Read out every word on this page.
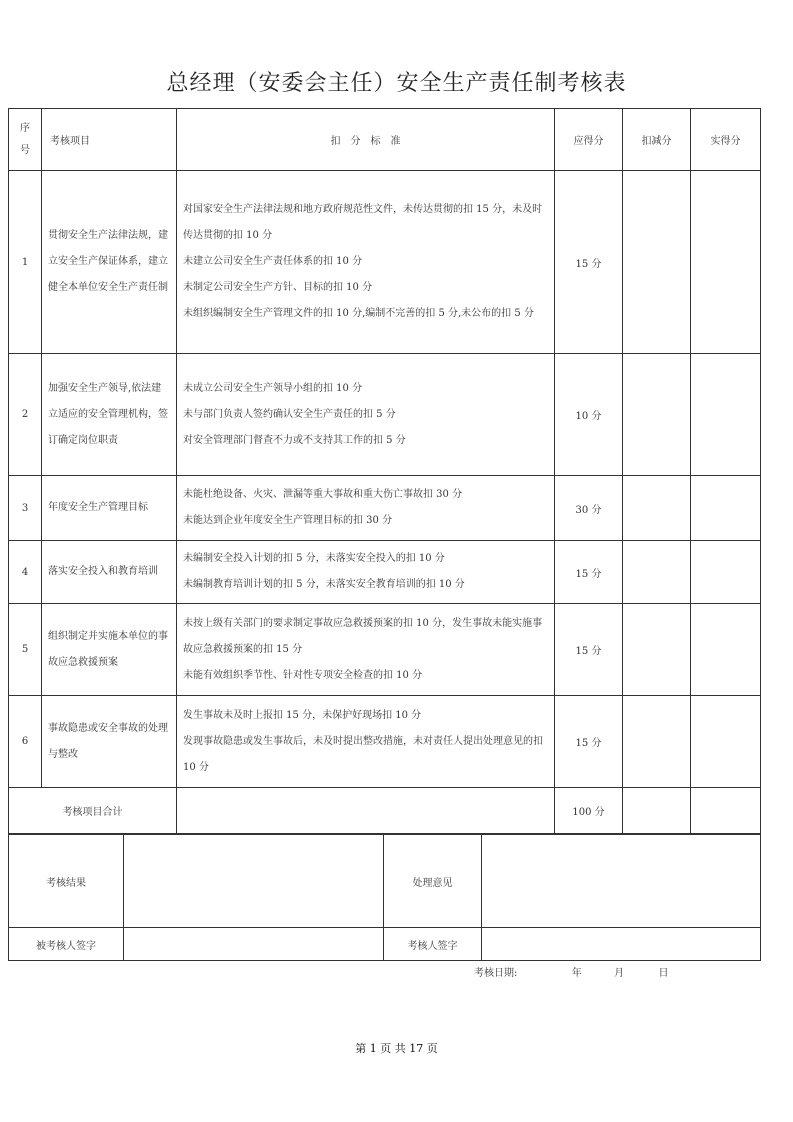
总经理（安委会主任）安全生产责任制考核表
序号	考核项目	扣　分　标　准	应得分	扣减分	实得分
1	贯彻安全生产法律法规，建立安全生产保证体系，建立健全本单位安全生产责任制	对国家安全生产法律法规和地方政府规范性文件，未传达贯彻的扣 15 分，未及时传达贯彻的扣 10 分
未建立公司安全生产责任体系的扣 10 分
未制定公司安全生产方针、目标的扣 10 分
未组织编制安全生产管理文件的扣 10 分,编制不完善的扣 5 分,未公布的扣 5 分	15 分		
2	加强安全生产领导,依法建立适应的安全管理机构，签订确定岗位职责	未成立公司安全生产领导小组的扣 10 分
未与部门负责人签约确认安全生产责任的扣 5 分
对安全管理部门督查不力或不支持其工作的扣 5 分	10 分		
3	年度安全生产管理目标	未能杜绝设备、火灾、泄漏等重大事故和重大伤亡事故扣 30 分
未能达到企业年度安全生产管理目标的扣 30 分	30 分		
4	落实安全投入和教育培训	未编制安全投入计划的扣 5 分，未落实安全投入的扣 10 分
未编制教育培训计划的扣 5 分，未落实安全教育培训的扣 10 分	15 分		
5	组织制定并实施本单位的事故应急救援预案	未按上级有关部门的要求制定事故应急救援预案的扣 10 分，发生事故未能实施事故应急救援预案的扣 15 分
未能有效组织季节性、针对性专项安全检查的扣 10 分	15 分		
6	事故隐患或安全事故的处理与整改	发生事故未及时上报扣 15 分，未保护好现场扣 10 分
发现事故隐患或发生事故后，未及时提出整改措施，未对责任人提出处理意见的扣 10 分	15 分		
考核项目合计			100 分		
考核结果		处理意见	
被考核人签字		考核人签字	
考核日期:	年	月	日
第 1 页 共 17 页
